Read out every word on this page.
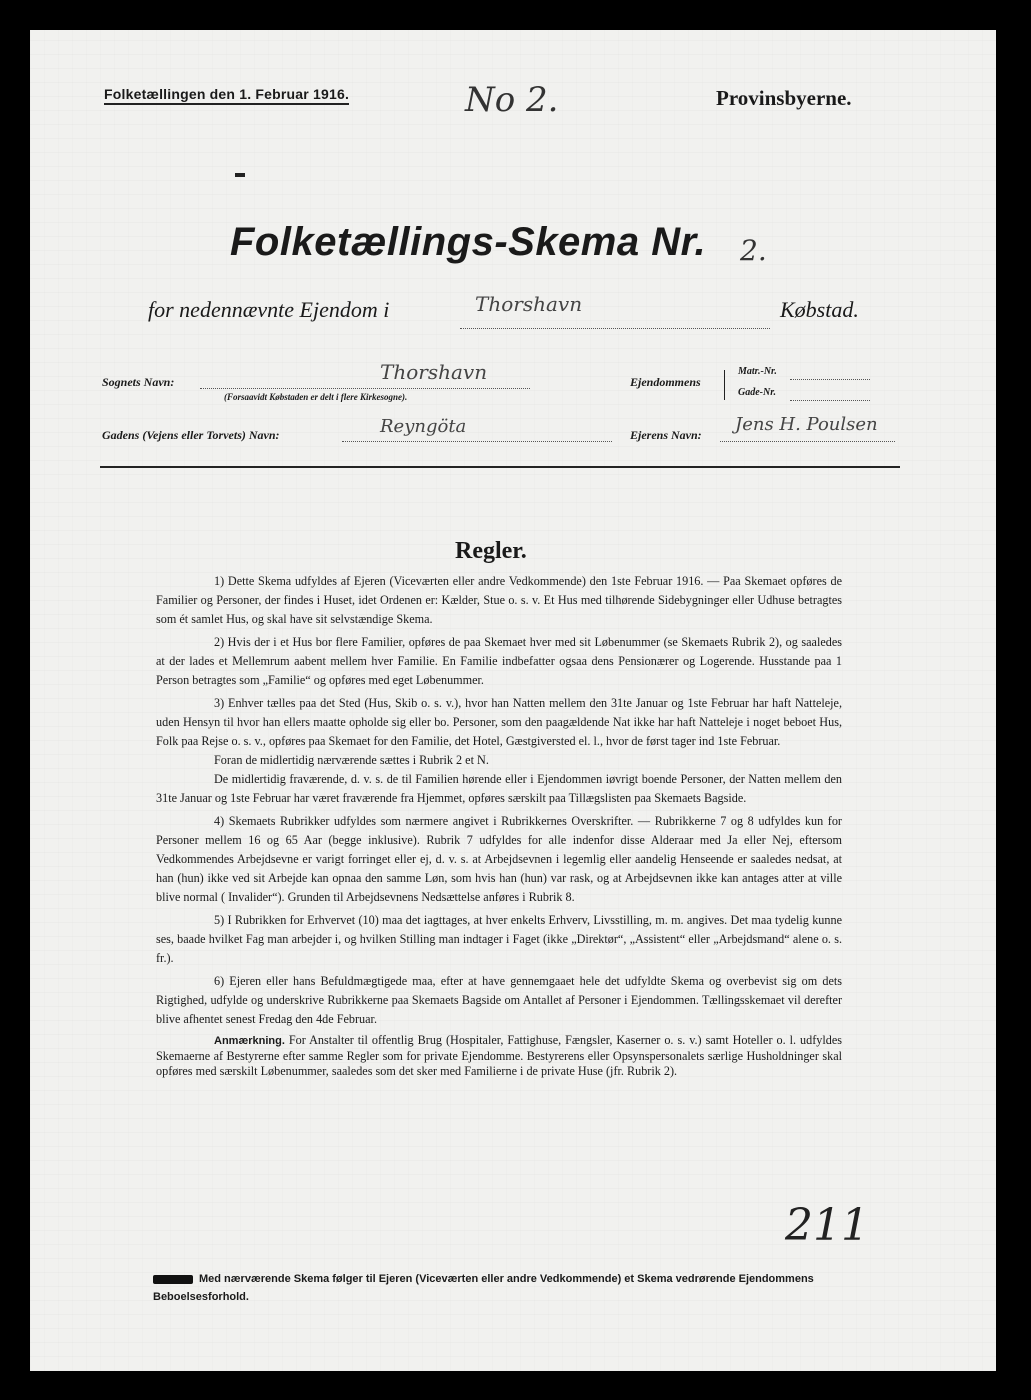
Folketællingen den 1. Februar 1916.	No 2.	Provinsbyerne.
Folketællings-Skema Nr. 2.
for nedennævnte Ejendom i	Thorshavn	Købstad.
Sognets Navn:	Thorshavn
(Forsaavidt Købstaden er delt i flere Kirkesogne).
Ejendommens
Matr.-Nr.
Gade-Nr.
Gadens (Vejens eller Torvets) Navn:	Reyngöta	Ejerens Navn: Jens H. Poulsen
Regler.

1) Dette Skema udfyldes af Ejeren (Viceværten eller andre Vedkommende) den 1ste Februar 1916. — Paa Skemaet opføres de Familier og Personer, der findes i Huset, idet Ordenen er: Kælder, Stue o. s. v. Et Hus med tilhørende Sidebygninger eller Udhuse betragtes som ét samlet Hus, og skal have sit selvstændige Skema.

2) Hvis der i et Hus bor flere Familier, opføres de paa Skemaet hver med sit Løbenummer (se Skemaets Rubrik 2), og saaledes at der lades et Mellemrum aabent mellem hver Familie. En Familie indbefatter ogsaa dens Pensionærer og Logerende. Husstande paa 1 Person betragtes som „Familie“ og opføres med eget Løbenummer.

3) Enhver tælles paa det Sted (Hus, Skib o. s. v.), hvor han Natten mellem den 31te Januar og 1ste Februar har haft Natteleje, uden Hensyn til hvor han ellers maatte opholde sig eller bo. Personer, som den paagældende Nat ikke har haft Natteleje i noget beboet Hus, Folk paa Rejse o. s. v., opføres paa Skemaet for den Familie, det Hotel, Gæstgiversted el. l., hvor de først tager ind 1ste Februar.

Foran de midlertidig nærværende sættes i Rubrik 2 et N.

De midlertidig fraværende, d. v. s. de til Familien hørende eller i Ejendommen iøvrigt boende Personer, der Natten mellem den 31te Januar og 1ste Februar har været fraværende fra Hjemmet, opføres særskilt paa Tillægslisten paa Skemaets Bagside.

4) Skemaets Rubrikker udfyldes som nærmere angivet i Rubrikkernes Overskrifter. — Rubrikkerne 7 og 8 udfyldes kun for Personer mellem 16 og 65 Aar (begge inklusive). Rubrik 7 udfyldes for alle indenfor disse Alderaar med Ja eller Nej, eftersom Vedkommendes Arbejdsevne er varigt forringet eller ej, d. v. s. at Arbejdsevnen i legemlig eller aandelig Henseende er saaledes nedsat, at han (hun) ikke ved sit Arbejde kan opnaa den samme Løn, som hvis han (hun) var rask, og at Arbejdsevnen ikke kan antages atter at ville blive normal ( Invalider“). Grunden til Arbejdsevnens Nedsættelse anføres i Rubrik 8.

5) I Rubrikken for Erhvervet (10) maa det iagttages, at hver enkelts Erhverv, Livsstilling, m. m. angives. Det maa tydelig kunne ses, baade hvilket Fag man arbejder i, og hvilken Stilling man indtager i Faget (ikke „Direktør“, „Assistent“ eller „Arbejdsmand“ alene o. s. fr.).

6) Ejeren eller hans Befuldmægtigede maa, efter at have gennemgaaet hele det udfyldte Skema og overbevist sig om dets Rigtighed, udfylde og underskrive Rubrikkerne paa Skemaets Bagside om Antallet af Personer i Ejendommen. Tællingsskemaet vil derefter blive afhentet senest Fredag den 4de Februar.

Anmærkning. For Anstalter til offentlig Brug (Hospitaler, Fattighuse, Fængsler, Kaserner o. s. v.) samt Hoteller o. l. udfyldes Skemaerne af Bestyrerne efter samme Regler som for private Ejendomme. Bestyrerens eller Opsynspersonalets særlige Husholdninger skal opføres med særskilt Løbenummer, saaledes som det sker med Familierne i de private Huse (jfr. Rubrik 2).

Med nærværende Skema følger til Ejeren (Viceværten eller andre Vedkommende) et Skema vedrørende Ejendommens Beboelsesforhold.
211
